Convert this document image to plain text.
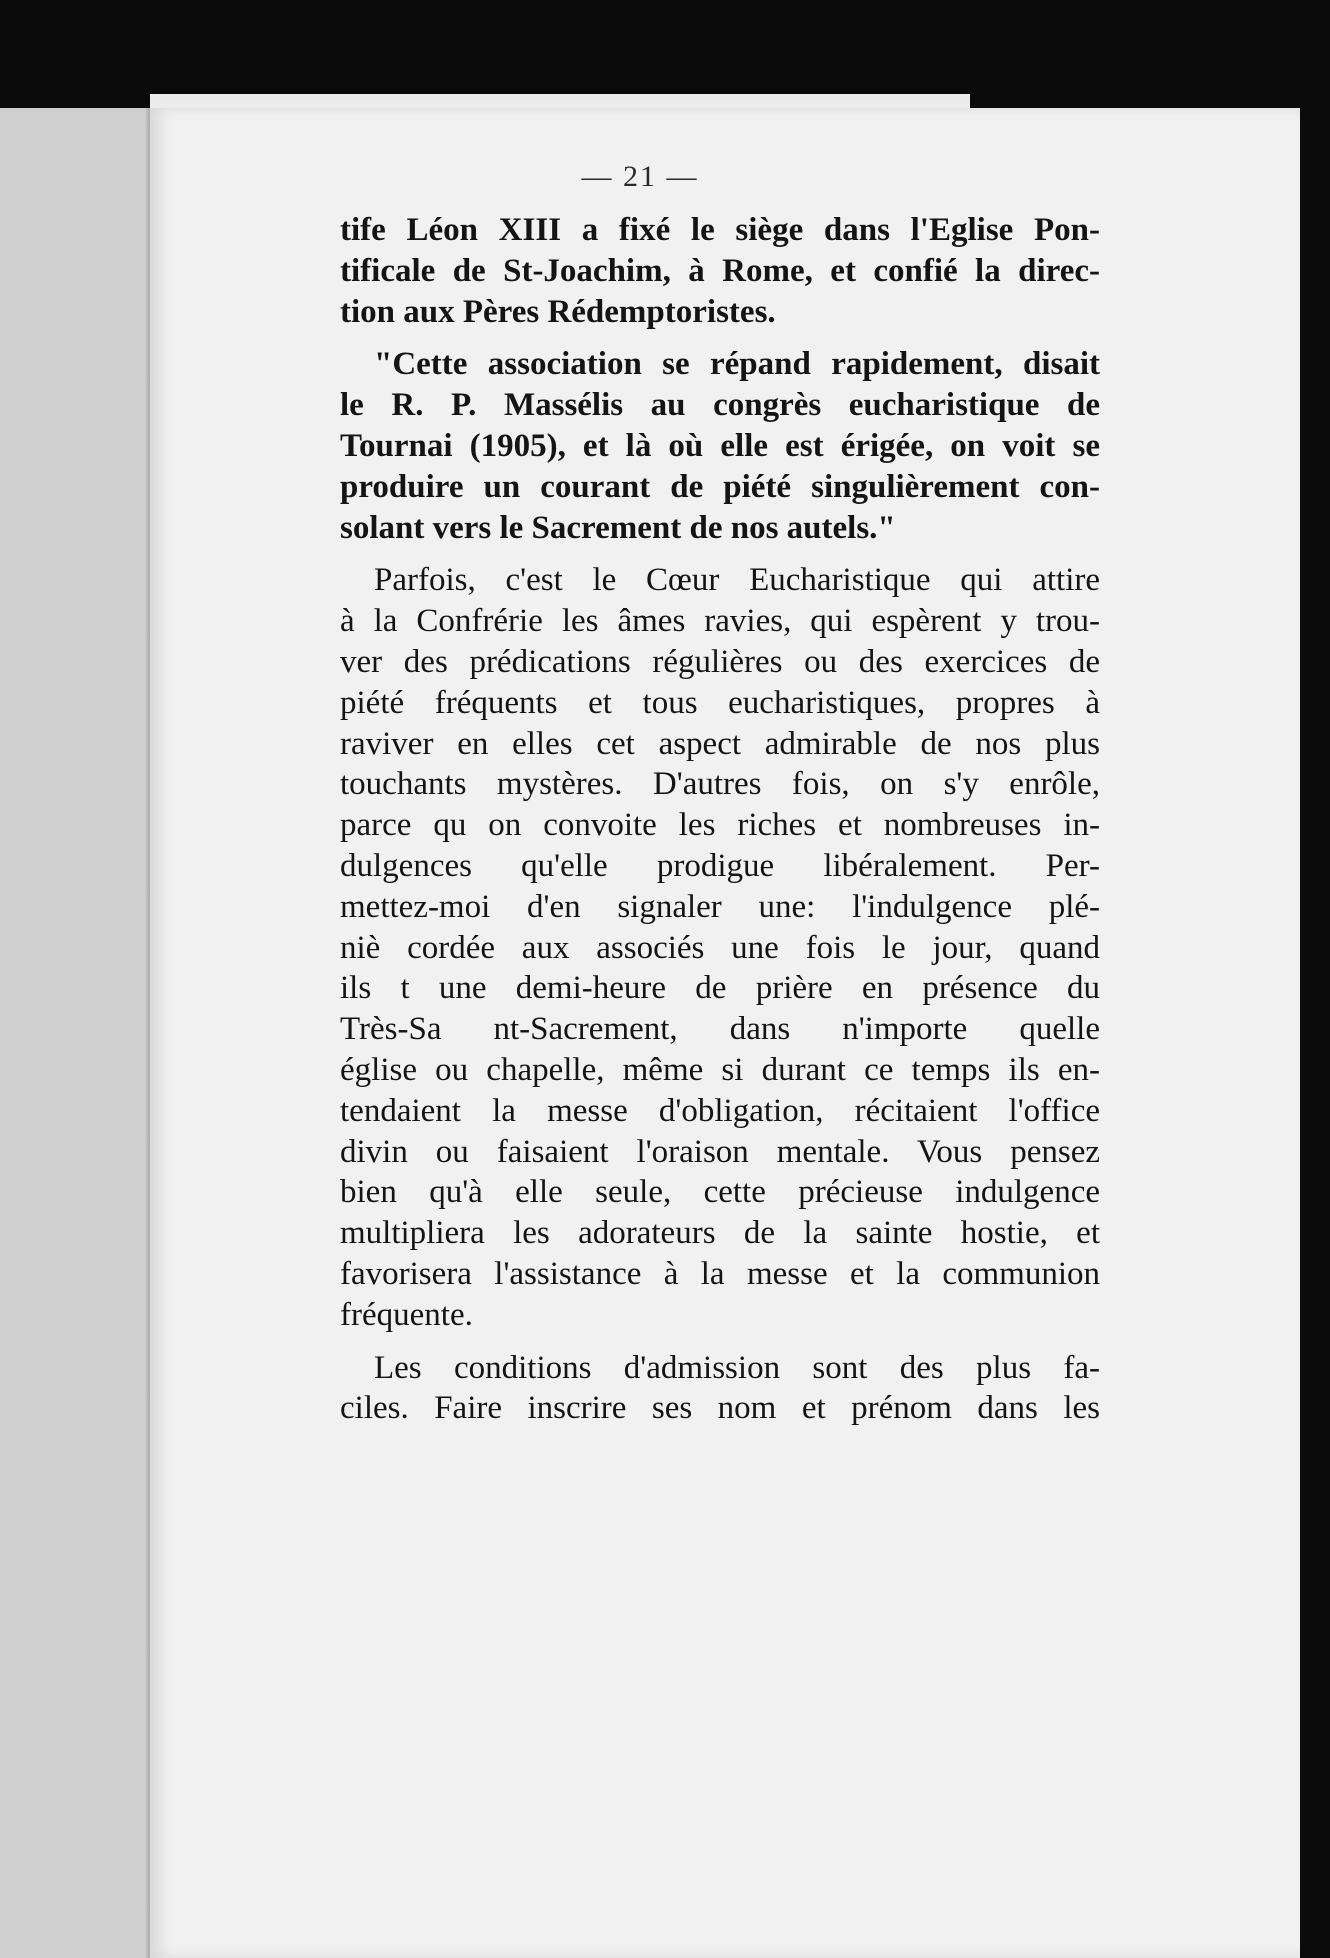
— 21 —
tife Léon XIII a fixé le siège dans l'Eglise Pon-
tificale de St-Joachim, à Rome, et confié la direc-
tion aux Pères Rédemptoristes.
"Cette association se répand rapidement, disait
le R. P. Massélis au congrès eucharistique de
Tournai (1905), et là où elle est érigée, on voit se
produire un courant de piété singulièrement con-
solant vers le Sacrement de nos autels."
Parfois, c'est le Cœur Eucharistique qui attire
à la Confrérie les âmes ravies, qui espèrent y trou-
ver des prédications régulières ou des exercices de
piété fréquents et tous eucharistiques, propres à
raviver en elles cet aspect admirable de nos plus
touchants mystères. D'autres fois, on s'y enrôle,
parce qu on convoite les riches et nombreuses in-
dulgences qu'elle prodigue libéralement. Per-
mettez-moi d'en signaler une: l'indulgence plé-
niè cordée aux associés une fois le jour, quand
ils t une demi-heure de prière en présence du
Très-Sa nt-Sacrement, dans n'importe quelle
église ou chapelle, même si durant ce temps ils en-
tendaient la messe d'obligation, récitaient l'office
divin ou faisaient l'oraison mentale. Vous pensez
bien qu'à elle seule, cette précieuse indulgence
multipliera les adorateurs de la sainte hostie, et
favorisera l'assistance à la messe et la communion
fréquente.
Les conditions d'admission sont des plus fa-
ciles. Faire inscrire ses nom et prénom dans les
